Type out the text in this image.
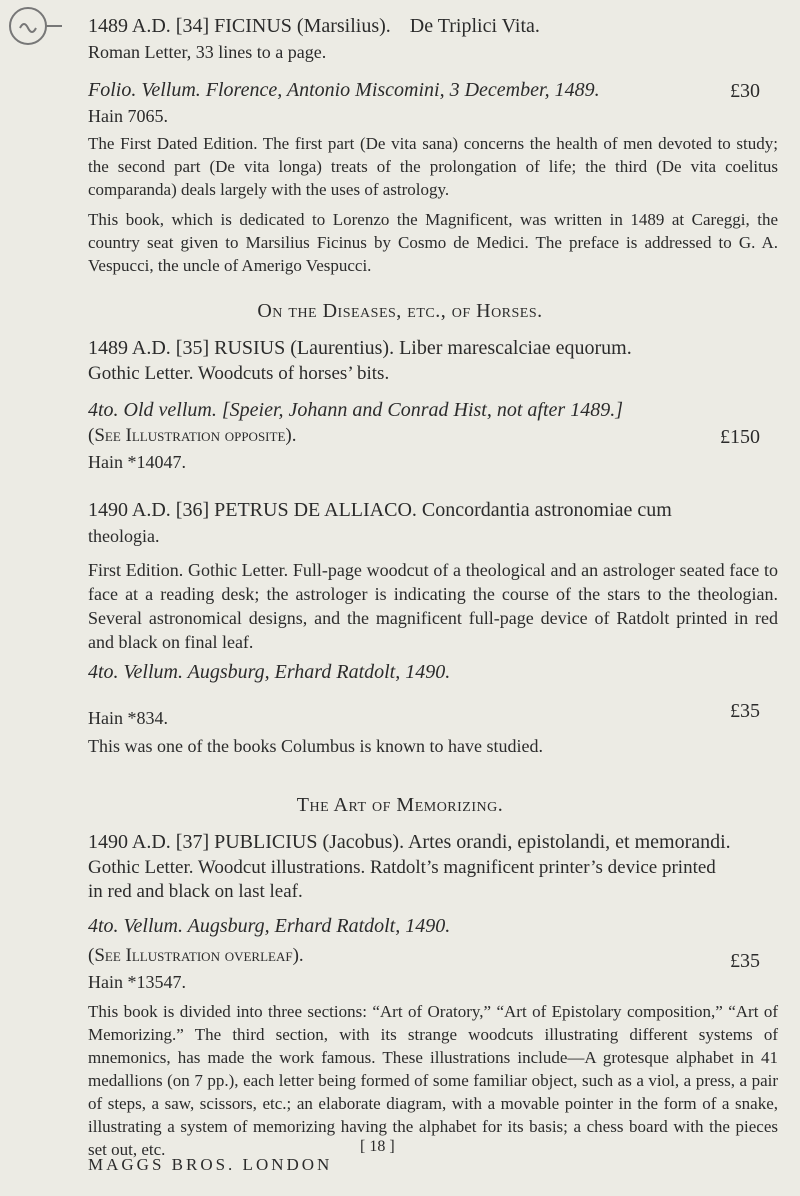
1489 A.D. [34] FICINUS (Marsilius). De Triplici Vita.
Roman Letter, 33 lines to a page.
Folio. Vellum. Florence, Antonio Miscomini, 3 December, 1489.	£30
Hain 7065.
The First Dated Edition. The first part (De vita sana) concerns the health of men devoted to study; the second part (De vita longa) treats of the prolongation of life; the third (De vita coelitus comparanda) deals largely with the uses of astrology.
This book, which is dedicated to Lorenzo the Magnificent, was written in 1489 at Careggi, the country seat given to Marsilius Ficinus by Cosmo de Medici. The preface is addressed to G. A. Vespucci, the uncle of Amerigo Vespucci.
On the Diseases, etc., of Horses.
1489 A.D. [35] RUSIUS (Laurentius). Liber marescalciae equorum.
Gothic Letter. Woodcuts of horses’ bits.
4to. Old vellum. [Speier, Johann and Conrad Hist, not after 1489.]
(See Illustration opposite).	£150
Hain *14047.
1490 A.D. [36] PETRUS DE ALLIACO. Concordantia astronomiae cum
theologia.
First Edition. Gothic Letter. Full-page woodcut of a theological and an astrologer seated face to face at a reading desk; the astrologer is indicating the course of the stars to the theologian. Several astronomical designs, and the magnificent full-page device of Ratdolt printed in red and black on final leaf.
4to. Vellum. Augsburg, Erhard Ratdolt, 1490.
£35
Hain *834.
This was one of the books Columbus is known to have studied.
The Art of Memorizing.
1490 A.D. [37] PUBLICIUS (Jacobus). Artes orandi, epistolandi, et memorandi.
Gothic Letter. Woodcut illustrations. Ratdolt’s magnificent printer’s device printed
in red and black on last leaf.
4to. Vellum. Augsburg, Erhard Ratdolt, 1490.
(See Illustration overleaf).	£35
Hain *13547.
This book is divided into three sections: “Art of Oratory,” “Art of Epistolary composition,” “Art of Memorizing.” The third section, with its strange woodcuts illustrating different systems of mnemonics, has made the work famous. These illustrations include—A grotesque alphabet in 41 medallions (on 7 pp.), each letter being formed of some familiar object, such as a viol, a press, a pair of steps, a saw, scissors, etc.; an elaborate diagram, with a movable pointer in the form of a snake, illustrating a system of memorizing having the alphabet for its basis; a chess board with the pieces set out, etc.	[ 18 ]
MAGGS BROS. LONDON
